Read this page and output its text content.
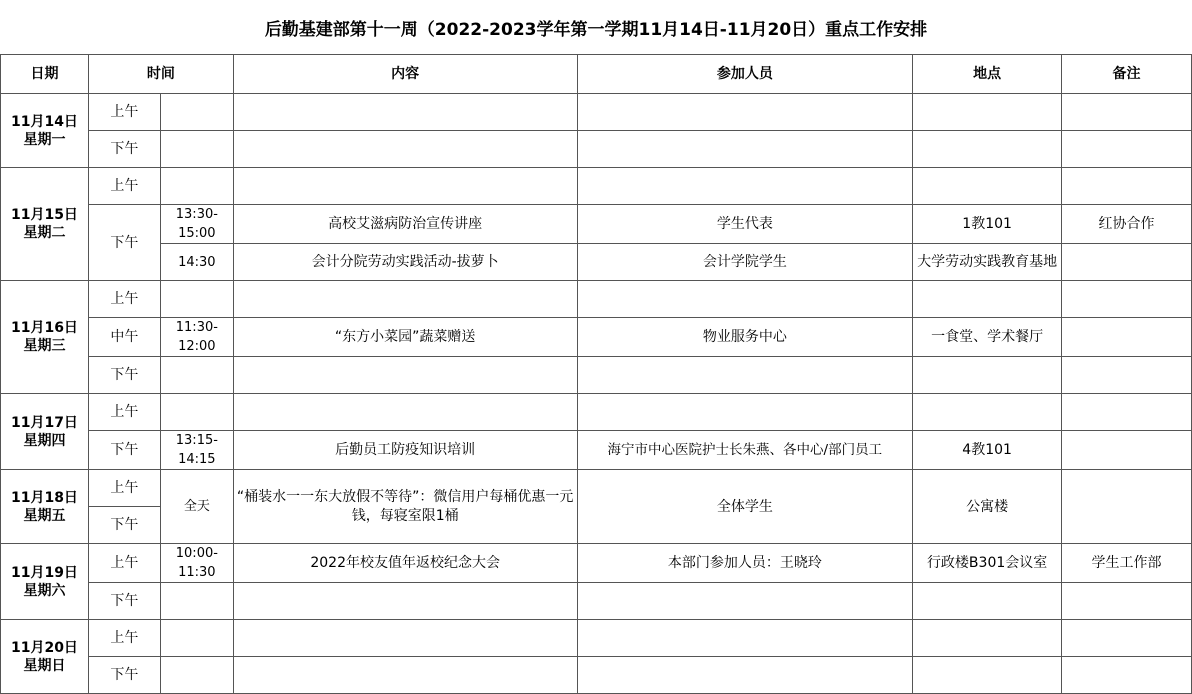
后勤基建部第十一周（2022-2023学年第一学期11月14日-11月20日）重点工作安排
日期	时间		内容	参加人员	地点	备注

11月14日
星期一	上午					
	下午					

11月15日
星期二	上午					
	下午	13:30-15:00	高校艾滋病防治宣传讲座	学生代表	1教101	红协合作
		14:30	会计分院劳动实践活动-拔萝卜	会计学院学生	大学劳动实践教育基地	

11月16日
星期三	上午					
	中午	11:30-12:00	“东方小菜园”蔬菜赠送	物业服务中心	一食堂、学术餐厅	
	下午					

11月17日
星期四	上午					
	下午	13:15-14:15	后勤员工防疫知识培训	海宁市中心医院护士长朱燕、各中心/部门员工	4教101	

11月18日
星期五	上午	全天	“桶装水一一东大放假不等待”：微信用户每桶优惠一元钱，每寝室限1桶	全体学生	公寓楼	
	下午					

11月19日
星期六	上午	10:00-11:30	2022年校友值年返校纪念大会	本部门参加人员：王晓玲	行政楼B301会议室	学生工作部
	下午					

11月20日
星期日	上午					
	下午					
